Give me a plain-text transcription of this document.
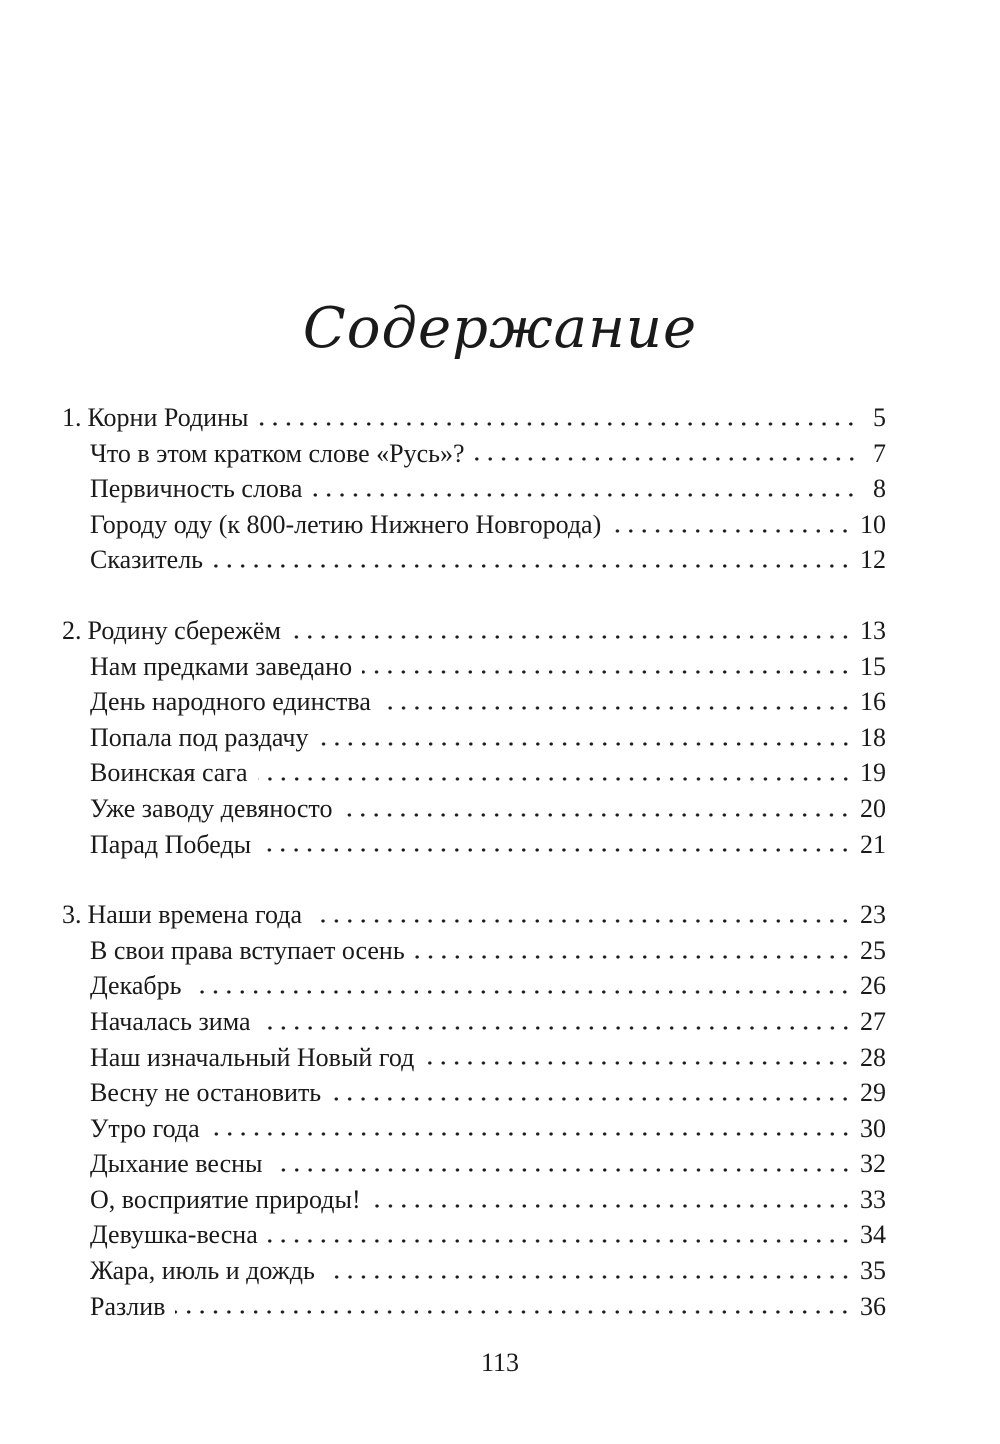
Содержание
1. Корни Родины	5
Что в этом кратком слове «Русь»?	7
Первичность слова	8
Городу оду (к 800-летию Нижнего Новгорода)	10
Сказитель	12
2. Родину сбережём	13
Нам предками заведано	15
День народного единства	16
Попала под раздачу	18
Воинская сага	19
Уже заводу девяносто	20
Парад Победы	21
3. Наши времена года	23
В свои права вступает осень	25
Декабрь	26
Началась зима	27
Наш изначальный Новый год	28
Весну не остановить	29
Утро года	30
Дыхание весны	32
О, восприятие природы!	33
Девушка-весна	34
Жара, июль и дождь	35
Разлив	36
113
